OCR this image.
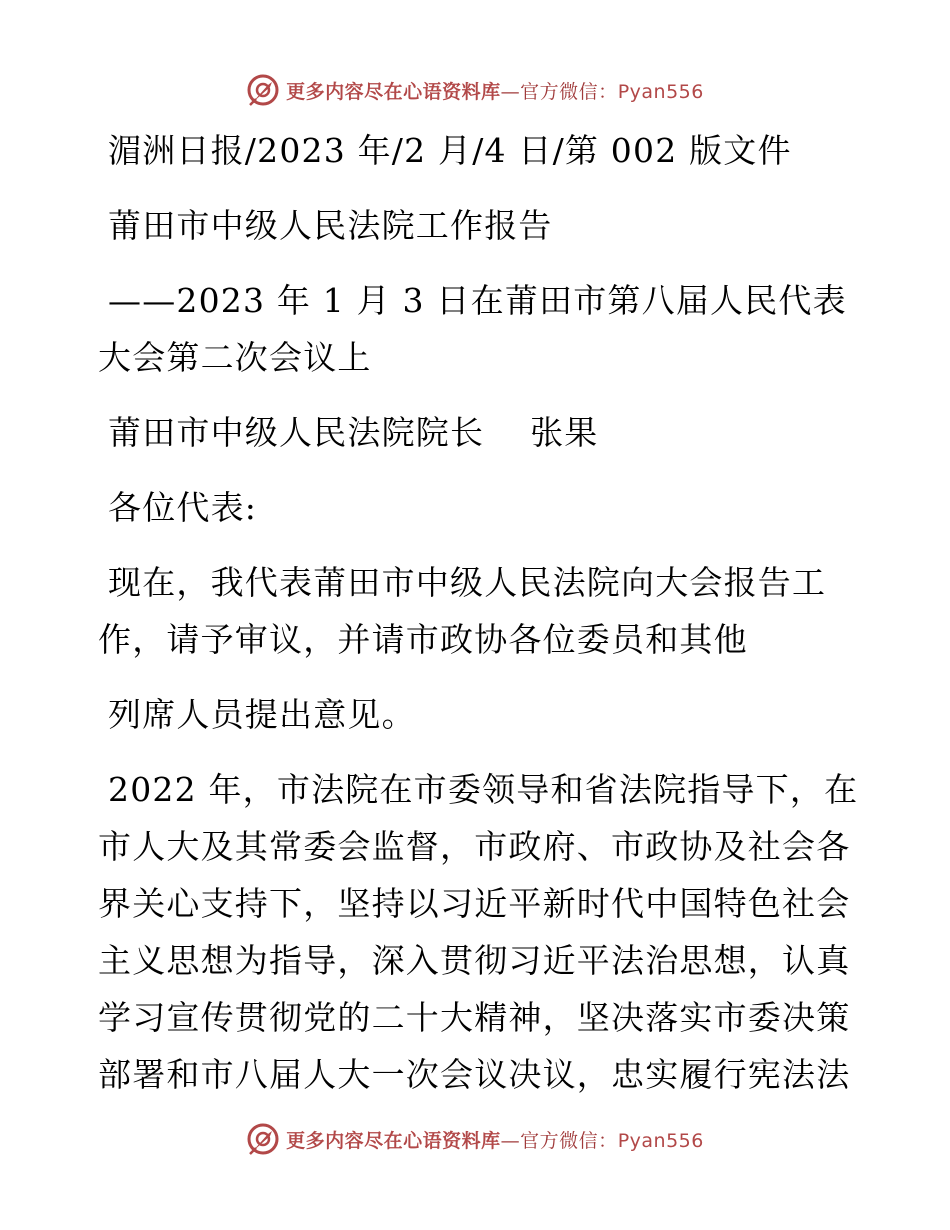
更多内容尽在心语资料库—官方微信：Pyan556

湄洲日报/2023 年/2 月/4 日/第 002 版文件

莆田市中级人民法院工作报告

——2023 年 1 月 3 日在莆田市第八届人民代表

大会第二次会议上

莆田市中级人民法院院长　 张果

各位代表:

现在，我代表莆田市中级人民法院向大会报告工

作，请予审议，并请市政协各位委员和其他

列席人员提出意见。

2022 年，市法院在市委领导和省法院指导下，在

市人大及其常委会监督，市政府、市政协及社会各

界关心支持下，坚持以习近平新时代中国特色社会

主义思想为指导，深入贯彻习近平法治思想，认真

学习宣传贯彻党的二十大精神，坚决落实市委决策

部署和市八届人大一次会议决议，忠实履行宪法法

更多内容尽在心语资料库—官方微信：Pyan556
